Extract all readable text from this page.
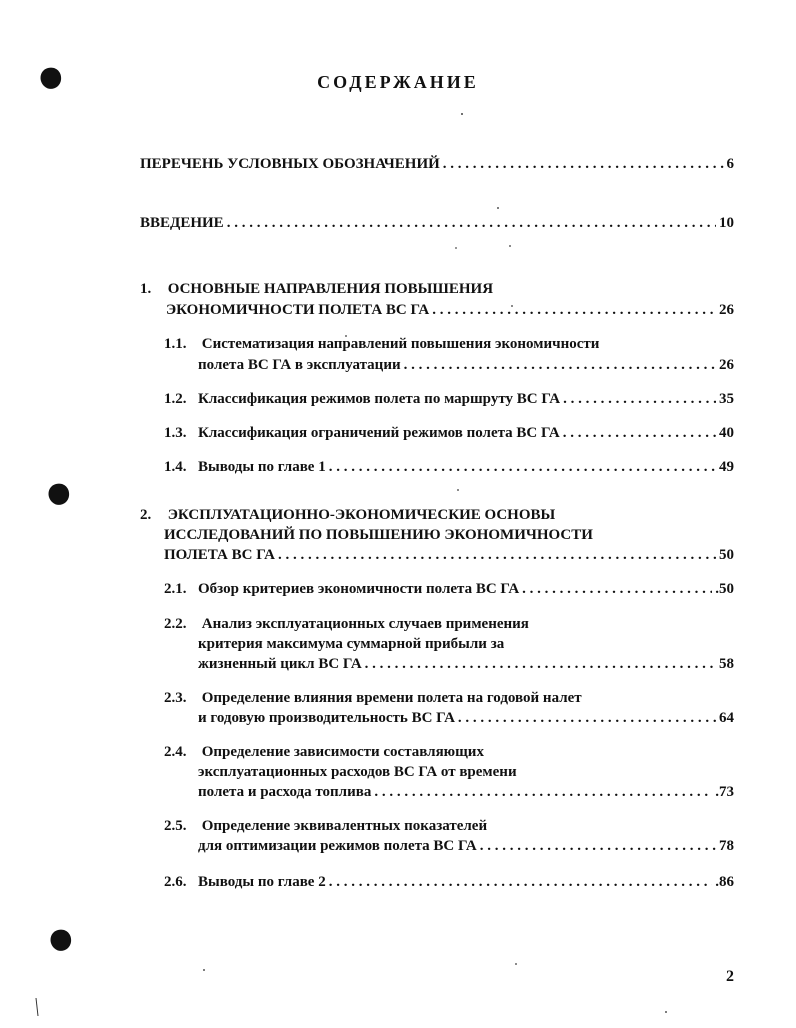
СОДЕРЖАНИЕ
ПЕРЕЧЕНЬ УСЛОВНЫХ ОБОЗНАЧЕНИЙ . . .	6
ВВЕДЕНИЕ . . .	10
1. ОСНОВНЫЕ НАПРАВЛЕНИЯ ПОВЫШЕНИЯ
ЭКОНОМИЧНОСТИ ПОЛЕТА ВС ГА . . .	26
1.1. Систематизация направлений повышения экономичности
полета ВС ГА в эксплуатации . . .	26
1.2. Классификация режимов полета по маршруту ВС ГА . . .	35
1.3. Классификация ограничений режимов полета ВС ГА . . .	40
1.4. Выводы по главе 1 . . .	49
2. ЭКСПЛУАТАЦИОННО-ЭКОНОМИЧЕСКИЕ ОСНОВЫ
ИССЛЕДОВАНИЙ ПО ПОВЫШЕНИЮ ЭКОНОМИЧНОСТИ
ПОЛЕТА ВС ГА . . .	50
2.1. Обзор критериев экономичности полета ВС ГА . . .	.50
2.2. Анализ эксплуатационных случаев применения
критерия максимума суммарной прибыли за
жизненный цикл ВС ГА . . .	58
2.3. Определение влияния времени полета на годовой налет
и годовую производительность ВС ГА . . .	64
2.4. Определение зависимости составляющих
эксплуатационных расходов ВС ГА от времени
полета и расхода топлива . . .	.73
2.5. Определение эквивалентных показателей
для оптимизации режимов полета ВС ГА . . .	78
2.6. Выводы по главе 2 . . .	.86
2
